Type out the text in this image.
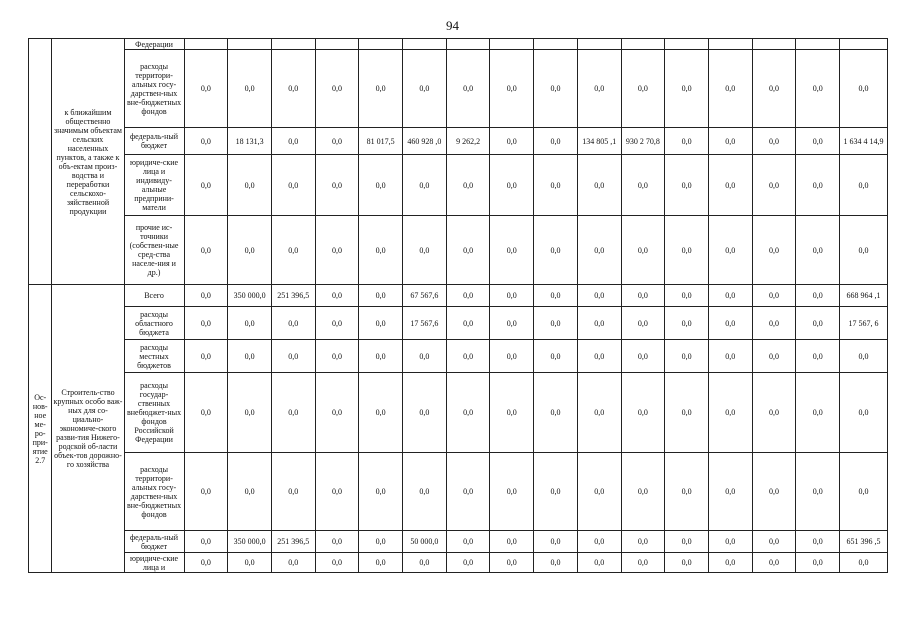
94
	к ближайшим общественно значимым объектам сельских населенных пунктов, а также к объ-ектам произ-водства и переработки сельскохо-зяйственной продукции	Федерации																
		расходы территори-альных госу-дарствен-ных вне-бюджетных фондов	0,0	0,0	0,0	0,0	0,0	0,0	0,0	0,0	0,0	0,0	0,0	0,0	0,0	0,0	0,0	0,0
		федераль-ный бюджет	0,0	18 131,3	0,0	0,0	81 017,5	460 928 ,0	9 262,2	0,0	0,0	134 805 ,1	930 2 70,8	0,0	0,0	0,0	0,0	1 634 4 14,9
		юридиче-ские лица и индивиду-альные предприни-матели	0,0	0,0	0,0	0,0	0,0	0,0	0,0	0,0	0,0	0,0	0,0	0,0	0,0	0,0	0,0	0,0
		прочие ис-точники (собствен-ные сред-ства населе-ния и др.)	0,0	0,0	0,0	0,0	0,0	0,0	0,0	0,0	0,0	0,0	0,0	0,0	0,0	0,0	0,0	0,0
Ос-нов-ное ме-ро-при-ятие 2.7	Строитель-ство крупных особо важ-ных для со-циально-экономиче-ского разви-тия Нижего-родской об-ласти объек-тов дорожно-го хозяйства	Всего	0,0	350 000,0	251 396,5	0,0	0,0	67 567,6	0,0	0,0	0,0	0,0	0,0	0,0	0,0	0,0	0,0	668 964 ,1
		расходы областного бюджета	0,0	0,0	0,0	0,0	0,0	17 567,6	0,0	0,0	0,0	0,0	0,0	0,0	0,0	0,0	0,0	17 567, 6
		расходы местных бюджетов	0,0	0,0	0,0	0,0	0,0	0,0	0,0	0,0	0,0	0,0	0,0	0,0	0,0	0,0	0,0	0,0
		расходы государ-ственных внебюджет-ных фондов Российской Федерации	0,0	0,0	0,0	0,0	0,0	0,0	0,0	0,0	0,0	0,0	0,0	0,0	0,0	0,0	0,0	0,0
		расходы территори-альных госу-дарствен-ных вне-бюджетных фондов	0,0	0,0	0,0	0,0	0,0	0,0	0,0	0,0	0,0	0,0	0,0	0,0	0,0	0,0	0,0	0,0
		федераль-ный бюджет	0,0	350 000,0	251 396,5	0,0	0,0	50 000,0	0,0	0,0	0,0	0,0	0,0	0,0	0,0	0,0	0,0	651 396 ,5
		юридиче-ские лица и	0,0	0,0	0,0	0,0	0,0	0,0	0,0	0,0	0,0	0,0	0,0	0,0	0,0	0,0	0,0	0,0
